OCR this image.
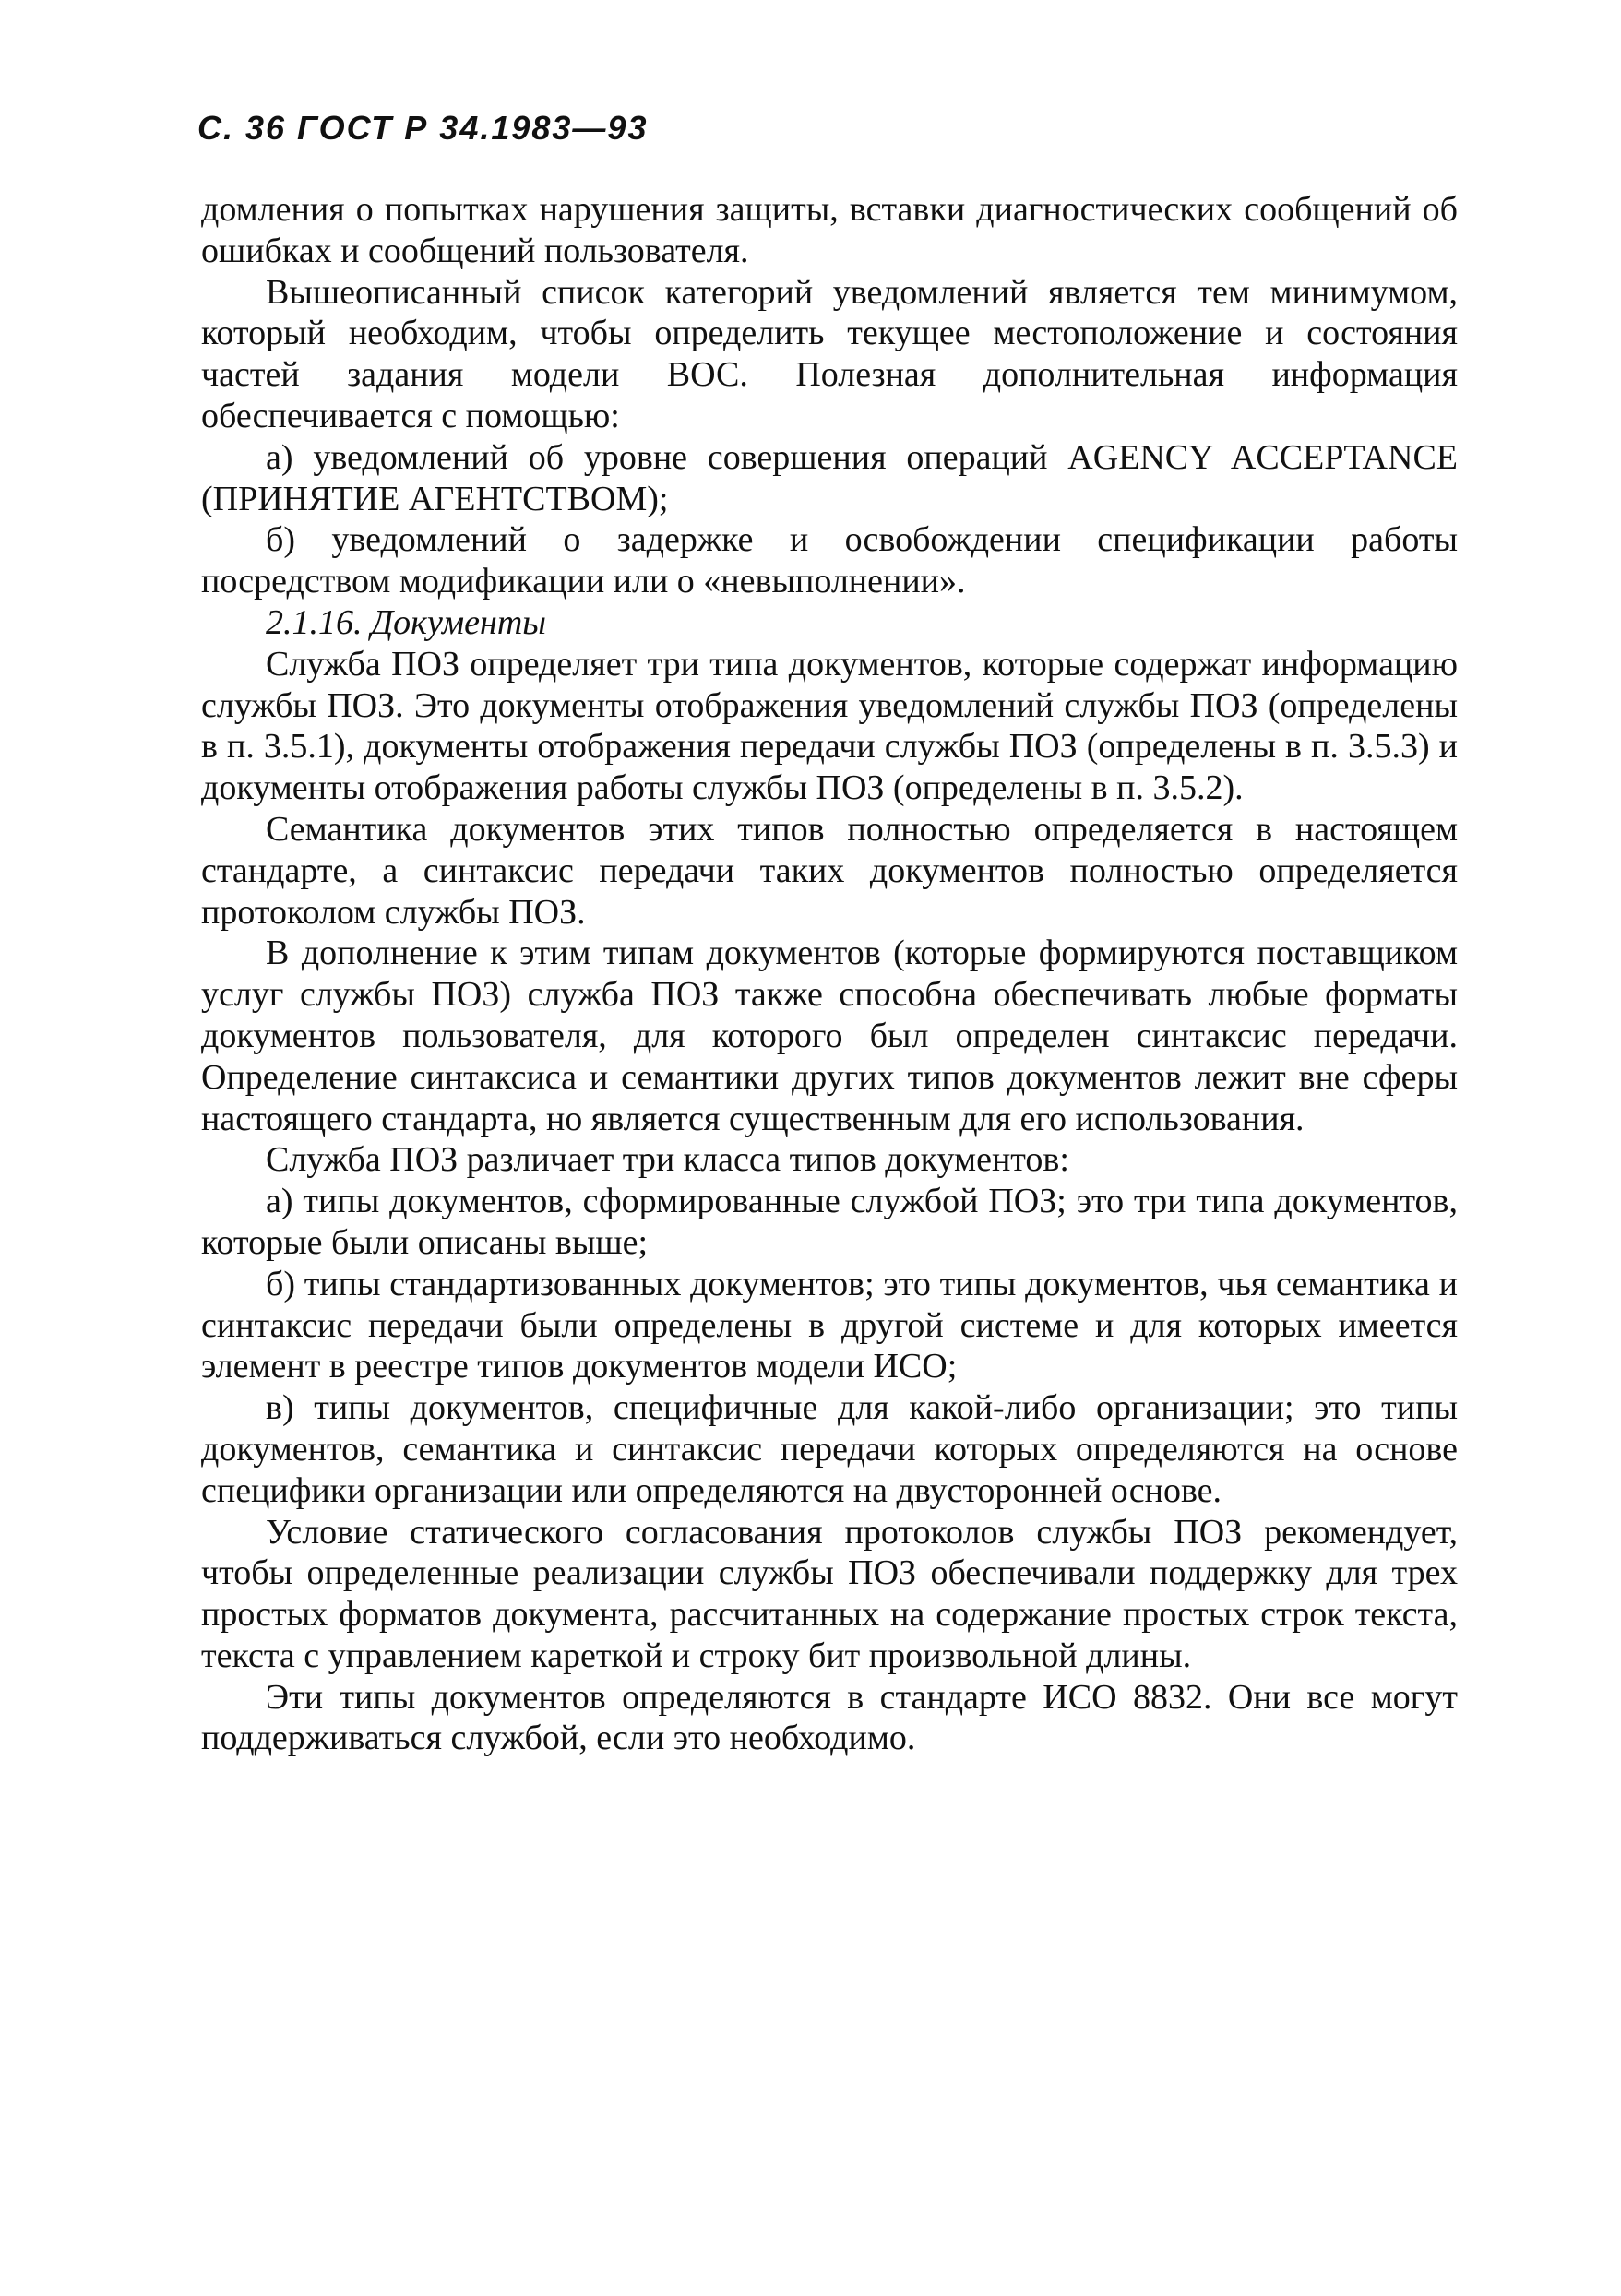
С. 36 ГОСТ Р 34.1983—93

домления о попытках нарушения защиты, вставки диагностических сообщений об ошибках и сообщений пользователя.

Вышеописанный список категорий уведомлений является тем минимумом, который необходим, чтобы определить текущее местоположение и состояния частей задания модели ВОС. Полезная дополнительная информация обеспечивается с помощью:

а) уведомлений об уровне совершения операций AGENCY ACCEPTANCE (ПРИНЯТИЕ АГЕНТСТВОМ);

б) уведомлений о задержке и освобождении спецификации работы посредством модификации или о «невыполнении».

2.1.16. Документы

Служба ПОЗ определяет три типа документов, которые содержат информацию службы ПОЗ. Это документы отображения уведомлений службы ПОЗ (определены в п. 3.5.1), документы отображения передачи службы ПОЗ (определены в п. 3.5.3) и документы отображения работы службы ПОЗ (определены в п. 3.5.2).

Семантика документов этих типов полностью определяется в настоящем стандарте, а синтаксис передачи таких документов полностью определяется протоколом службы ПОЗ.

В дополнение к этим типам документов (которые формируются поставщиком услуг службы ПОЗ) служба ПОЗ также способна обеспечивать любые форматы документов пользователя, для которого был определен синтаксис передачи. Определение синтаксиса и семантики других типов документов лежит вне сферы настоящего стандарта, но является существенным для его использования.

Служба ПОЗ различает три класса типов документов:

а) типы документов, сформированные службой ПОЗ; это три типа документов, которые были описаны выше;

б) типы стандартизованных документов; это типы документов, чья семантика и синтаксис передачи были определены в другой системе и для которых имеется элемент в реестре типов документов модели ИСО;

в) типы документов, специфичные для какой-либо организации; это типы документов, семантика и синтаксис передачи которых определяются на основе специфики организации или определяются на двусторонней основе.

Условие статического согласования протоколов службы ПОЗ рекомендует, чтобы определенные реализации службы ПОЗ обеспечивали поддержку для трех простых форматов документа, рассчитанных на содержание простых строк текста, текста с управлением кареткой и строку бит произвольной длины.

Эти типы документов определяются в стандарте ИСО 8832. Они все могут поддерживаться службой, если это необходимо.
